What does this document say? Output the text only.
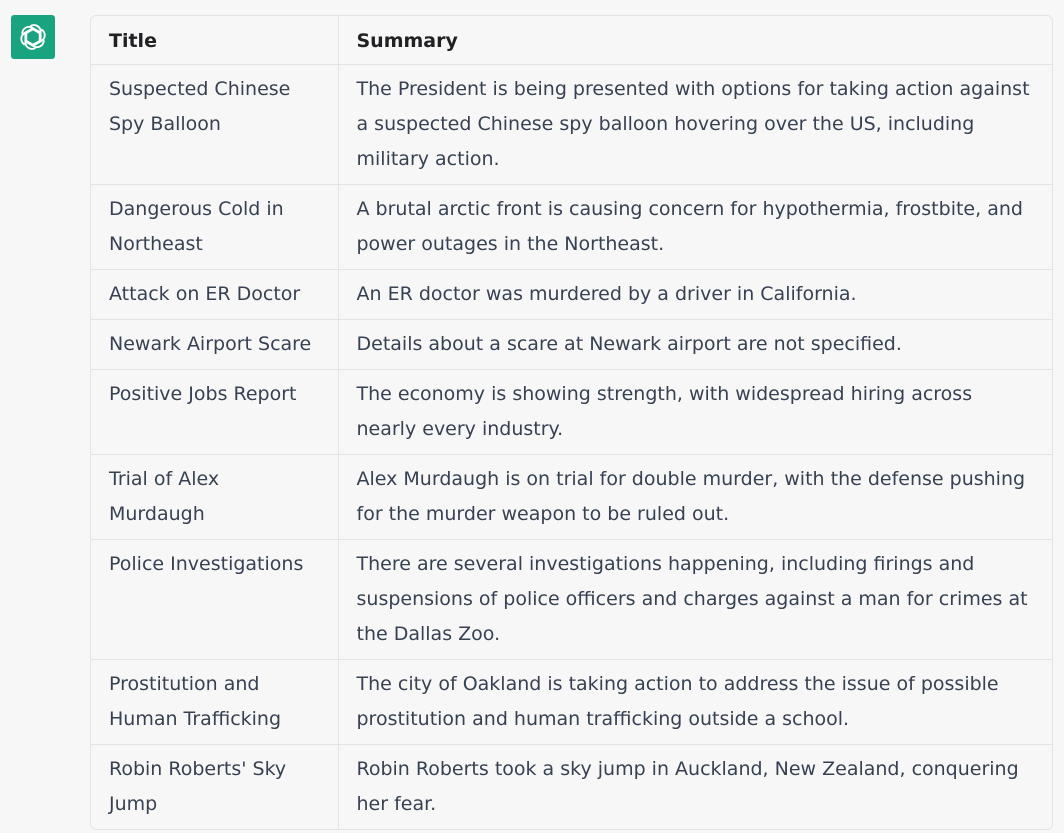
Title	Summary
Suspected Chinese Spy Balloon	The President is being presented with options for taking action against a suspected Chinese spy balloon hovering over the US, including military action.
Dangerous Cold in Northeast	A brutal arctic front is causing concern for hypothermia, frostbite, and power outages in the Northeast.
Attack on ER Doctor	An ER doctor was murdered by a driver in California.
Newark Airport Scare	Details about a scare at Newark airport are not specified.
Positive Jobs Report	The economy is showing strength, with widespread hiring across nearly every industry.
Trial of Alex Murdaugh	Alex Murdaugh is on trial for double murder, with the defense pushing for the murder weapon to be ruled out.
Police Investigations	There are several investigations happening, including firings and suspensions of police officers and charges against a man for crimes at the Dallas Zoo.
Prostitution and Human Trafficking	The city of Oakland is taking action to address the issue of possible prostitution and human trafficking outside a school.
Robin Roberts' Sky Jump	Robin Roberts took a sky jump in Auckland, New Zealand, conquering her fear.
